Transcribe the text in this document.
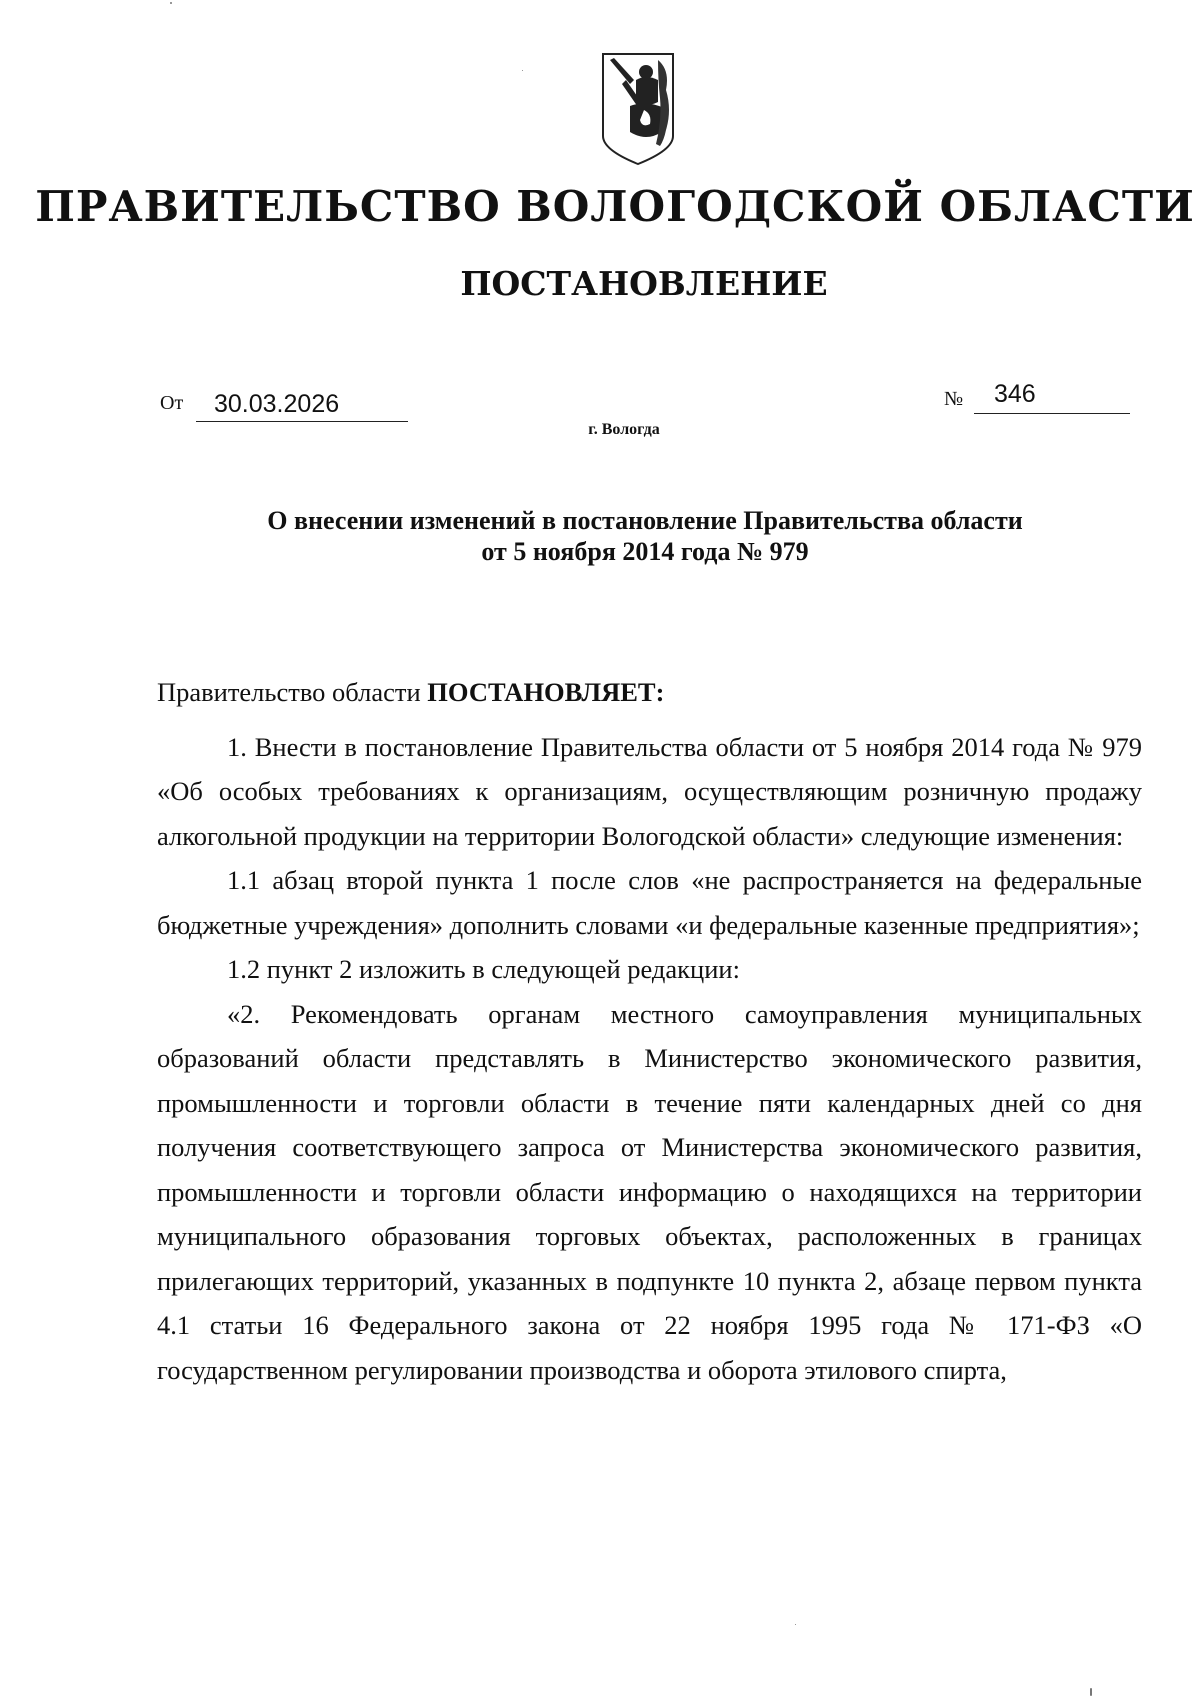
ПРАВИТЕЛЬСТВО ВОЛОГОДСКОЙ ОБЛАСТИ
ПОСТАНОВЛЕНИЕ
От	30.03.2026	№	346
г. Вологда
О внесении изменений в постановление Правительства области
от 5 ноября 2014 года № 979

Правительство области ПОСТАНОВЛЯЕТ:

1. Внести в постановление Правительства области от 5 ноября 2014 года № 979 «Об особых требованиях к организациям, осуществляющим розничную продажу алкогольной продукции на территории Вологодской области» следующие изменения:

1.1 абзац второй пункта 1 после слов «не распространяется на федеральные бюджетные учреждения» дополнить словами «и федеральные казенные предприятия»;

1.2 пункт 2 изложить в следующей редакции:

«2. Рекомендовать органам местного самоуправления муниципальных образований области представлять в Министерство экономического развития, промышленности и торговли области в течение пяти календарных дней со дня получения соответствующего запроса от Министерства экономического развития, промышленности и торговли области информацию о находящихся на территории муниципального образования торговых объектах, расположенных в границах прилегающих территорий, указанных в подпункте 10 пункта 2, абзаце первом пункта 4.1 статьи 16 Федерального закона от 22 ноября 1995 года № 171-ФЗ «О государственном регулировании производства и оборота этилового спирта,
